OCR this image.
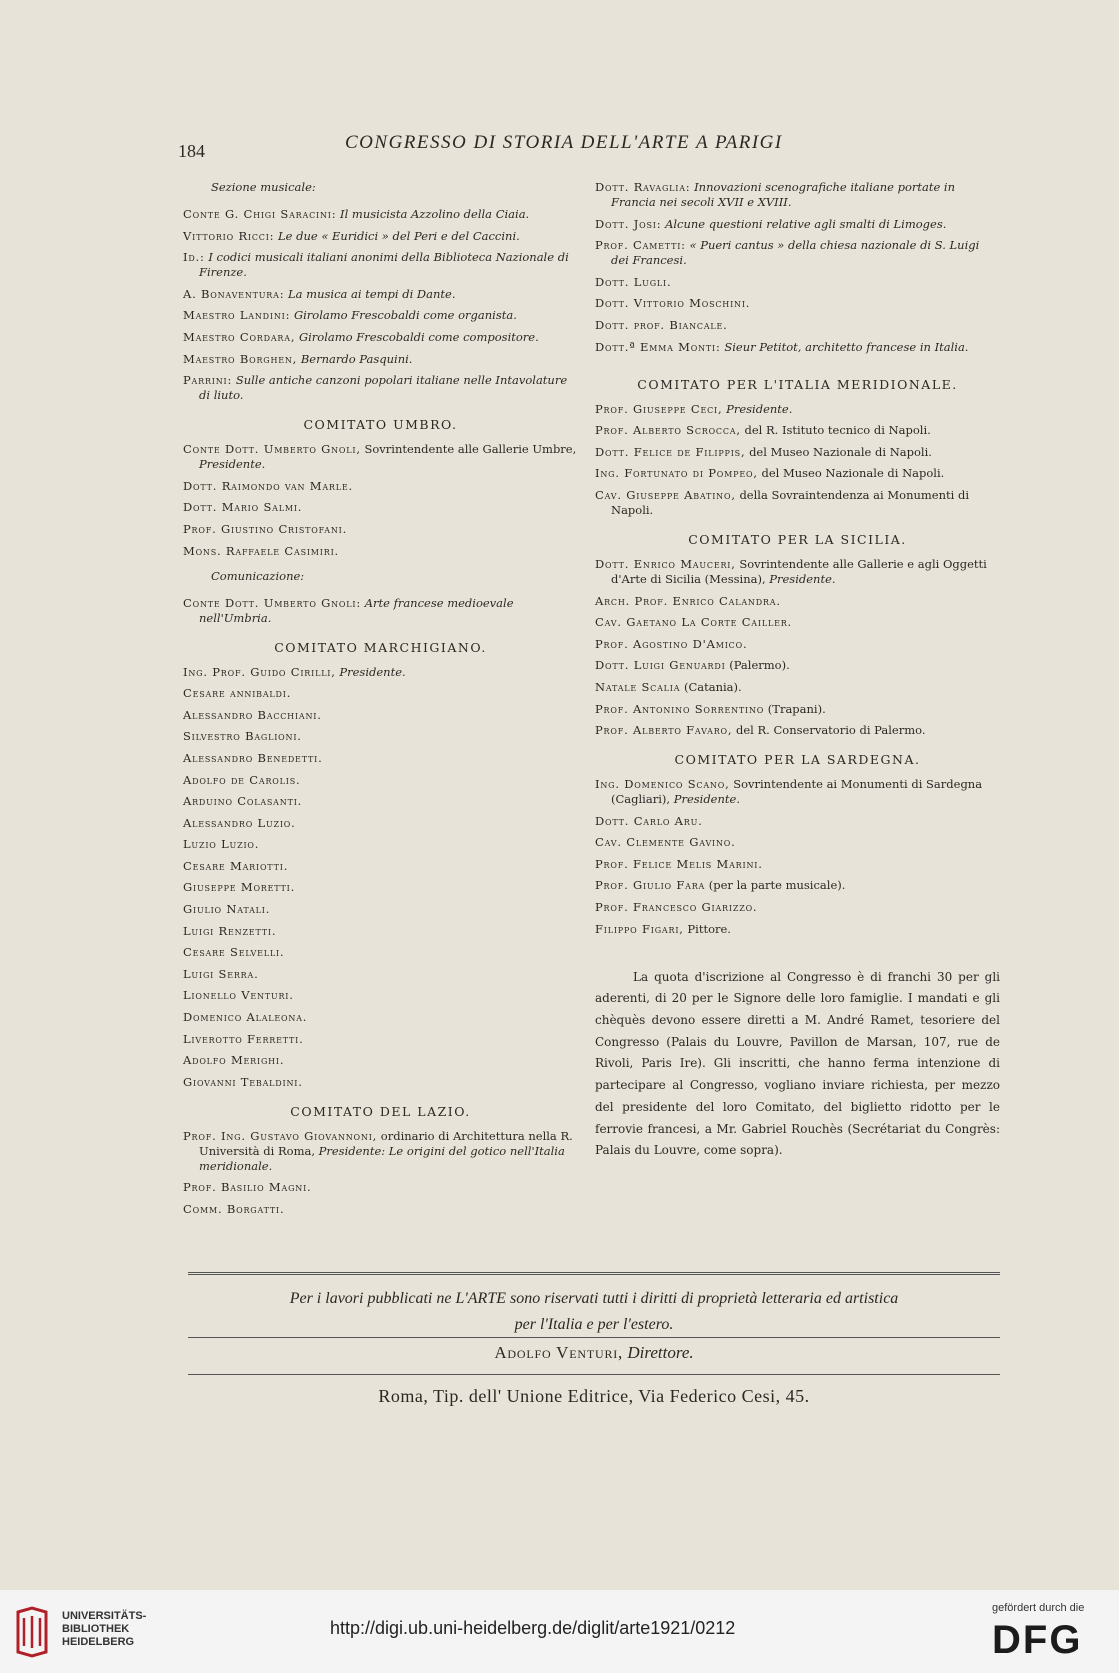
184	CONGRESSO DI STORIA DELL'ARTE A PARIGI
Sezione musicale:
Conte G. Chigi Saracini: Il musicista Azzolino della Ciaia.
Vittorio Ricci: Le due « Euridici » del Peri e del Caccini.
Id.: I codici musicali italiani anonimi della Biblioteca Nazionale di Firenze.
A. Bonaventura: La musica ai tempi di Dante.
Maestro Landini: Girolamo Frescobaldi come organista.
Maestro Cordara, Girolamo Frescobaldi come compositore.
Maestro Borghen, Bernardo Pasquini.
Parrini: Sulle antiche canzoni popolari italiane nelle Intavolature di liuto.
COMITATO UMBRO.
Conte Dott. Umberto Gnoli, Sovrintendente alle Gallerie Umbre, Presidente.
Dott. Raimondo van Marle.
Dott. Mario Salmi.
Prof. Giustino Cristofani.
Mons. Raffaele Casimiri.
Comunicazione:
Conte Dott. Umberto Gnoli: Arte francese medioevale nell'Umbria.
COMITATO MARCHIGIANO.
Ing. Prof. Guido Cirilli, Presidente.
Cesare annibaldi.
Alessandro Bacchiani.
Silvestro Baglioni.
Alessandro Benedetti.
Adolfo de Carolis.
Arduino Colasanti.
Alessandro Luzio.
Luzio Luzio.
Cesare Mariotti.
Giuseppe Moretti.
Giulio Natali.
Luigi Renzetti.
Cesare Selvelli.
Luigi Serra.
Lionello Venturi.
Domenico Alaleona.
Liverotto Ferretti.
Adolfo Merighi.
Giovanni Tebaldini.
COMITATO DEL LAZIO.
Prof. Ing. Gustavo Giovannoni, ordinario di Architettura nella R. Università di Roma, Presidente: Le origini del gotico nell'Italia meridionale.
Prof. Basilio Magni.
Comm. Borgatti.
Dott. Ravaglia: Innovazioni scenografiche italiane portate in Francia nei secoli XVII e XVIII.
Dott. Josi: Alcune questioni relative agli smalti di Limoges.
Prof. Cametti: « Pueri cantus » della chiesa nazionale di S. Luigi dei Francesi.
Dott. Lugli.
Dott. Vittorio Moschini.
Dott. prof. Biancale.
Dott.ª Emma Monti: Sieur Petitot, architetto francese in Italia.
COMITATO PER L'ITALIA MERIDIONALE.
Prof. Giuseppe Ceci, Presidente.
Prof. Alberto Scrocca, del R. Istituto tecnico di Napoli.
Dott. Felice de Filippis, del Museo Nazionale di Napoli.
Ing. Fortunato di Pompeo, del Museo Nazionale di Napoli.
Cav. Giuseppe Abatino, della Sovraintendenza ai Monumenti di Napoli.
COMITATO PER LA SICILIA.
Dott. Enrico Mauceri, Sovrintendente alle Gallerie e agli Oggetti d'Arte di Sicilia (Messina), Presidente.
Arch. Prof. Enrico Calandra.
Cav. Gaetano La Corte Cailler.
Prof. Agostino D'Amico.
Dott. Luigi Genuardi (Palermo).
Natale Scalia (Catania).
Prof. Antonino Sorrentino (Trapani).
Prof. Alberto Favaro, del R. Conservatorio di Palermo.
COMITATO PER LA SARDEGNA.
Ing. Domenico Scano, Sovrintendente ai Monumenti di Sardegna (Cagliari), Presidente.
Dott. Carlo Aru.
Cav. Clemente Gavino.
Prof. Felice Melis Marini.
Prof. Giulio Fara (per la parte musicale).
Prof. Francesco Giarizzo.
Filippo Figari, Pittore.
La quota d'iscrizione al Congresso è di franchi 30 per gli aderenti, di 20 per le Signore delle loro famiglie. I mandati e gli chèquès devono essere diretti a M. André Ramet, tesoriere del Congresso (Palais du Louvre, Pavillon de Marsan, 107, rue de Rivoli, Paris Ire). Gli inscritti, che hanno ferma intenzione di partecipare al Congresso, vogliano inviare richiesta, per mezzo del presidente del loro Comitato, del biglietto ridotto per le ferrovie francesi, a Mr. Gabriel Rouchès (Secrétariat du Congrès: Palais du Louvre, come sopra).
Per i lavori pubblicati ne L'ARTE sono riservati tutti i diritti di proprietà letteraria ed artistica
per l'Italia e per l'estero.
Adolfo Venturi, Direttore.
Roma, Tip. dell' Unione Editrice, Via Federico Cesi, 45.
UNIVERSITÄTS-
BIBLIOTHEK
HEIDELBERG
http://digi.ub.uni-heidelberg.de/diglit/arte1921/0212
gefördert durch die
DFG
